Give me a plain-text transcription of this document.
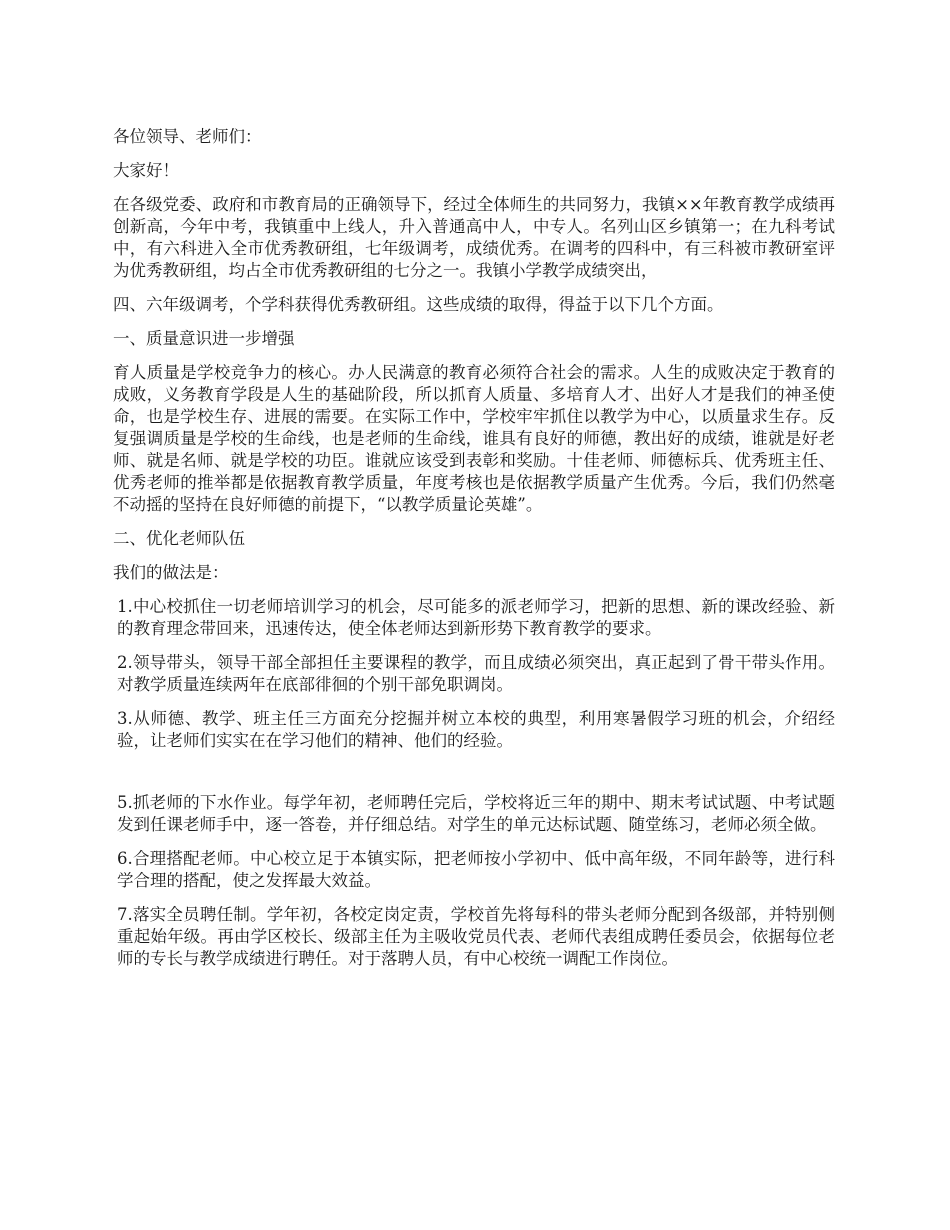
各位领导、老师们：

大家好！

在各级党委、政府和市教育局的正确领导下，经过全体师生的共同努力，我镇××年教育教学成绩再创新高，今年中考，我镇重中上线人，升入普通高中人，中专人。名列山区乡镇第一；在九科考试中，有六科进入全市优秀教研组，七年级调考，成绩优秀。在调考的四科中，有三科被市教研室评为优秀教研组，均占全市优秀教研组的七分之一。我镇小学教学成绩突出，

四、六年级调考，个学科获得优秀教研组。这些成绩的取得，得益于以下几个方面。

一、质量意识进一步增强

育人质量是学校竞争力的核心。办人民满意的教育必须符合社会的需求。人生的成败决定于教育的成败，义务教育学段是人生的基础阶段，所以抓育人质量、多培育人才、出好人才是我们的神圣使命，也是学校生存、进展的需要。在实际工作中，学校牢牢抓住以教学为中心，以质量求生存。反复强调质量是学校的生命线，也是老师的生命线，谁具有良好的师德，教出好的成绩，谁就是好老师、就是名师、就是学校的功臣。谁就应该受到表彰和奖励。十佳老师、师德标兵、优秀班主任、优秀老师的推举都是依据教育教学质量，年度考核也是依据教学质量产生优秀。今后，我们仍然毫不动摇的坚持在良好师德的前提下，“以教学质量论英雄”。

二、优化老师队伍

我们的做法是：

1.中心校抓住一切老师培训学习的机会，尽可能多的派老师学习，把新的思想、新的课改经验、新的教育理念带回来，迅速传达，使全体老师达到新形势下教育教学的要求。

2.领导带头，领导干部全部担任主要课程的教学，而且成绩必须突出，真正起到了骨干带头作用。对教学质量连续两年在底部徘徊的个别干部免职调岗。

3.从师德、教学、班主任三方面充分挖掘并树立本校的典型，利用寒暑假学习班的机会，介绍经验，让老师们实实在在学习他们的精神、他们的经验。

5.抓老师的下水作业。每学年初，老师聘任完后，学校将近三年的期中、期末考试试题、中考试题发到任课老师手中，逐一答卷，并仔细总结。对学生的单元达标试题、随堂练习，老师必须全做。

6.合理搭配老师。中心校立足于本镇实际，把老师按小学初中、低中高年级，不同年龄等，进行科学合理的搭配，使之发挥最大效益。

7.落实全员聘任制。学年初，各校定岗定责，学校首先将每科的带头老师分配到各级部，并特别侧重起始年级。再由学区校长、级部主任为主吸收党员代表、老师代表组成聘任委员会，依据每位老师的专长与教学成绩进行聘任。对于落聘人员，有中心校统一调配工作岗位。
